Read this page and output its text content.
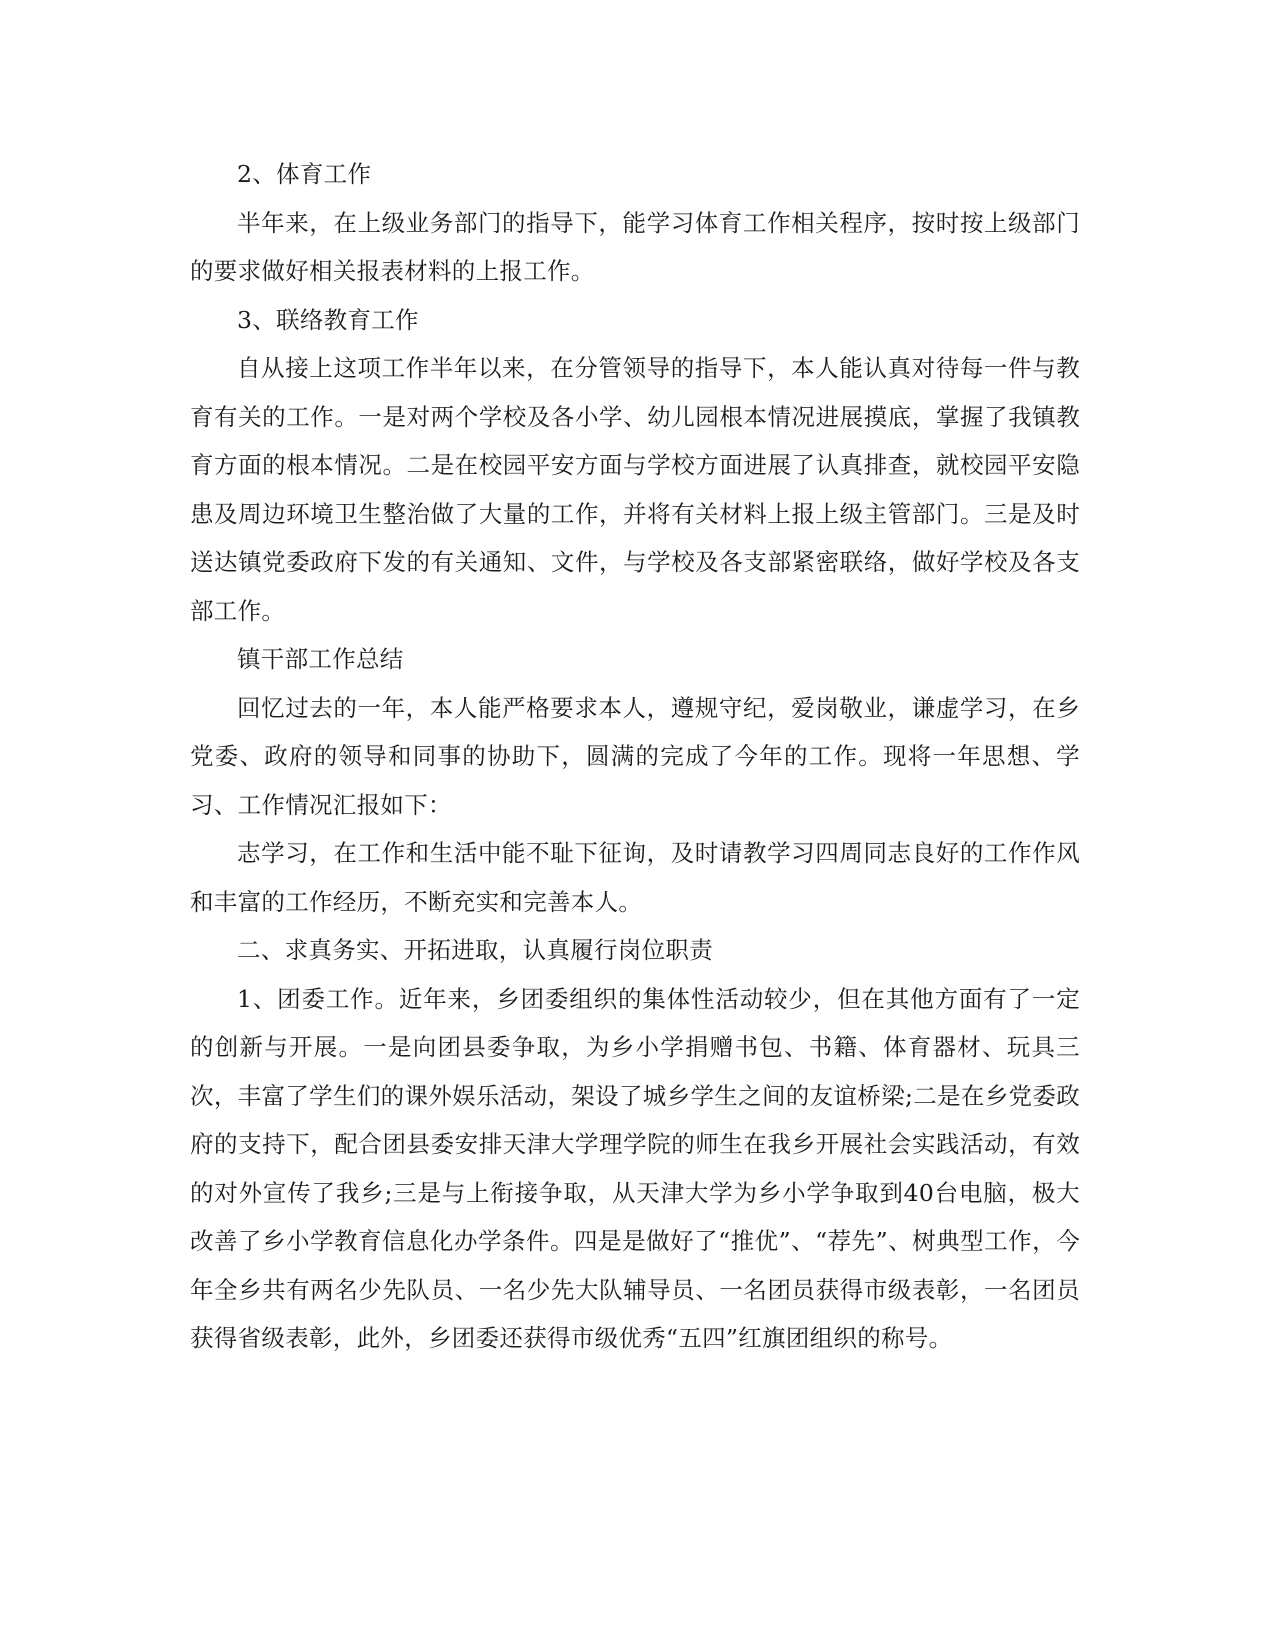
2、体育工作

半年来，在上级业务部门的指导下，能学习体育工作相关程序，按时按上级部门的要求做好相关报表材料的上报工作。

3、联络教育工作

自从接上这项工作半年以来，在分管领导的指导下，本人能认真对待每一件与教育有关的工作。一是对两个学校及各小学、幼儿园根本情况进展摸底，掌握了我镇教育方面的根本情况。二是在校园平安方面与学校方面进展了认真排查，就校园平安隐患及周边环境卫生整治做了大量的工作，并将有关材料上报上级主管部门。三是及时送达镇党委政府下发的有关通知、文件，与学校及各支部紧密联络，做好学校及各支部工作。

镇干部工作总结

回忆过去的一年，本人能严格要求本人，遵规守纪，爱岗敬业，谦虚学习，在乡党委、政府的领导和同事的协助下，圆满的完成了今年的工作。现将一年思想、学习、工作情况汇报如下：

志学习，在工作和生活中能不耻下征询，及时请教学习四周同志良好的工作作风和丰富的工作经历，不断充实和完善本人。

二、求真务实、开拓进取，认真履行岗位职责

1、团委工作。近年来，乡团委组织的集体性活动较少，但在其他方面有了一定的创新与开展。一是向团县委争取，为乡小学捐赠书包、书籍、体育器材、玩具三次，丰富了学生们的课外娱乐活动，架设了城乡学生之间的友谊桥梁;二是在乡党委政府的支持下，配合团县委安排天津大学理学院的师生在我乡开展社会实践活动，有效的对外宣传了我乡;三是与上衔接争取，从天津大学为乡小学争取到40台电脑，极大改善了乡小学教育信息化办学条件。四是是做好了“推优”、“荐先”、树典型工作，今年全乡共有两名少先队员、一名少先大队辅导员、一名团员获得市级表彰，一名团员获得省级表彰，此外，乡团委还获得市级优秀“五四”红旗团组织的称号。
